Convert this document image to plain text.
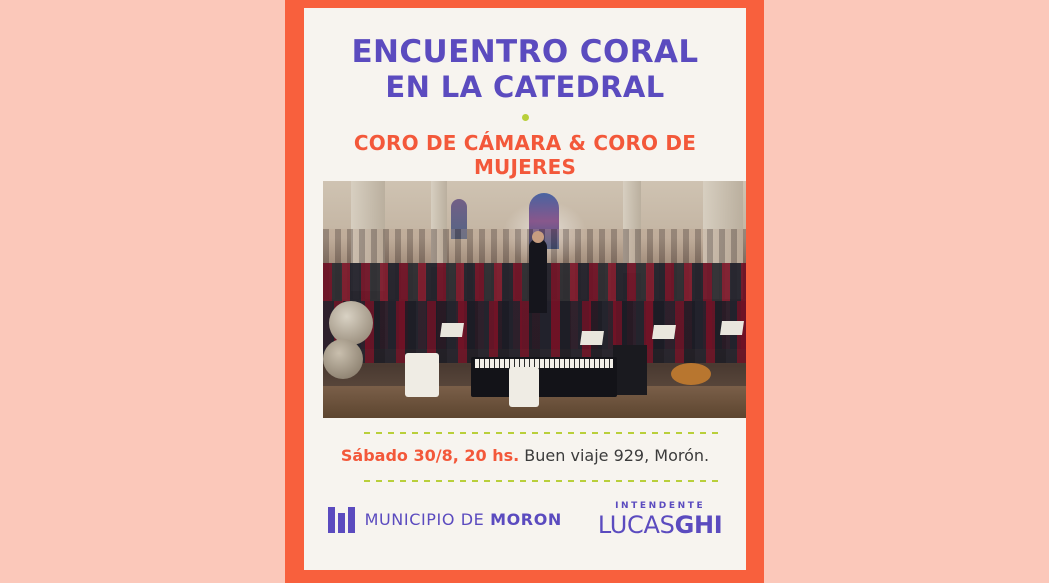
ENCUENTRO CORAL
EN LA CATEDRAL
CORO DE CÁMARA & CORO DE MUJERES
Sábado 30/8, 20 hs. Buen viaje 929, Morón.
MUNICIPIO DE MORON
INTENDENTE
LUCASGHI
